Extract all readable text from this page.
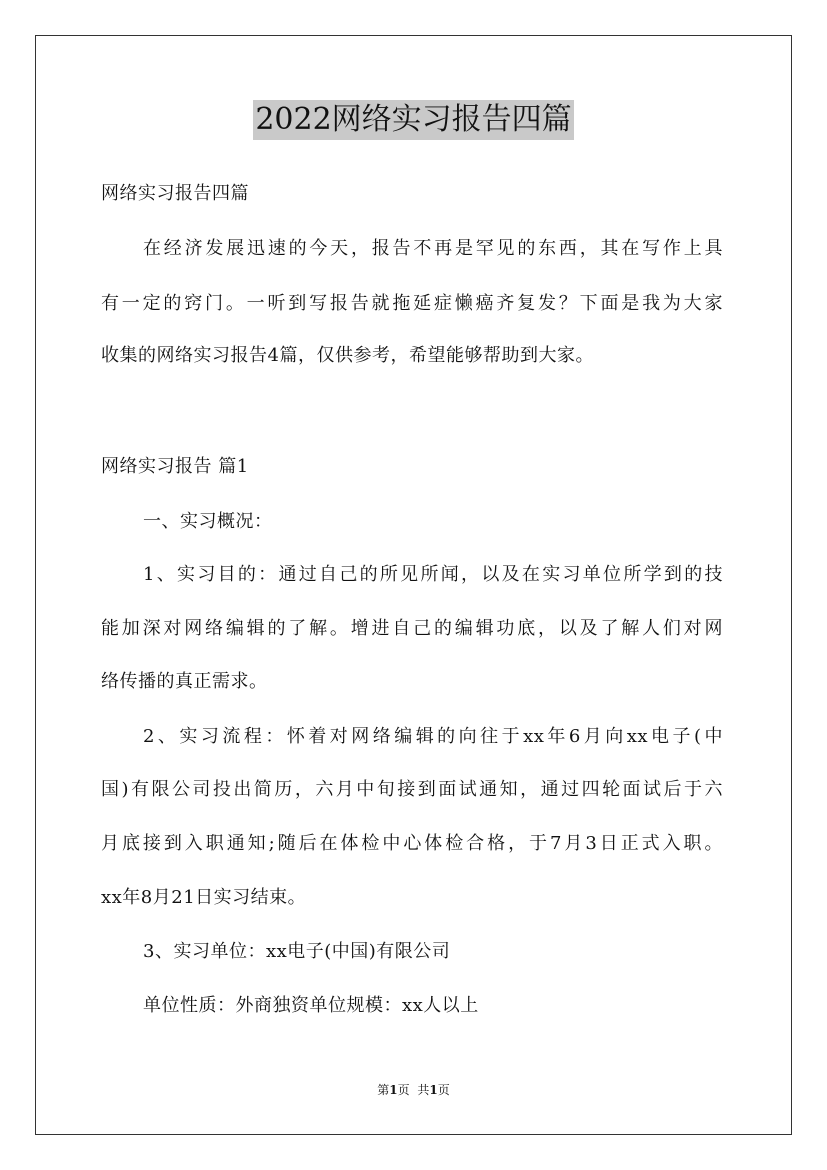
2022网络实习报告四篇
网络实习报告四篇
在经济发展迅速的今天，报告不再是罕见的东西，其在写作上具
有一定的窍门。一听到写报告就拖延症懒癌齐复发？下面是我为大家
收集的网络实习报告4篇，仅供参考，希望能够帮助到大家。
网络实习报告 篇1
一、实习概况：
1、实习目的：通过自己的所见所闻，以及在实习单位所学到的技
能加深对网络编辑的了解。增进自己的编辑功底，以及了解人们对网
络传播的真正需求。
2、实习流程：怀着对网络编辑的向往于xx年6月向xx电子(中
国)有限公司投出简历，六月中旬接到面试通知，通过四轮面试后于六
月底接到入职通知;随后在体检中心体检合格，于7月3日正式入职。
xx年8月21日实习结束。
3、实习单位：xx电子(中国)有限公司
单位性质：外商独资单位规模：xx人以上
第1页 共1页
